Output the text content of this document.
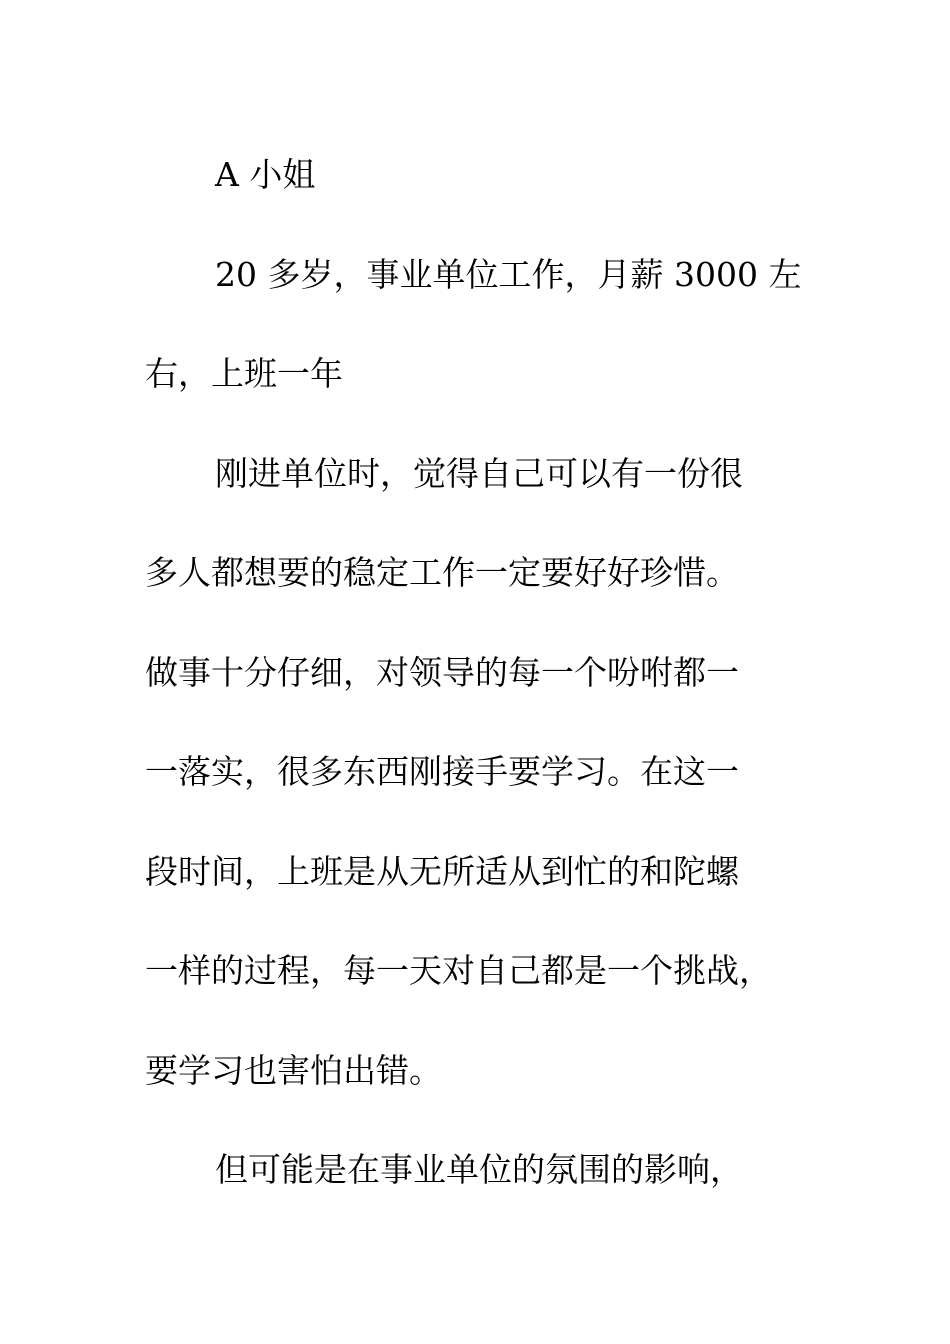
A 小姐
20 多岁，事业单位工作，月薪 3000 左
右，上班一年
刚进单位时，觉得自己可以有一份很
多人都想要的稳定工作一定要好好珍惜。
做事十分仔细，对领导的每一个吩咐都一
一落实，很多东西刚接手要学习。在这一
段时间，上班是从无所适从到忙的和陀螺
一样的过程，每一天对自己都是一个挑战，
要学习也害怕出错。
但可能是在事业单位的氛围的影响，
